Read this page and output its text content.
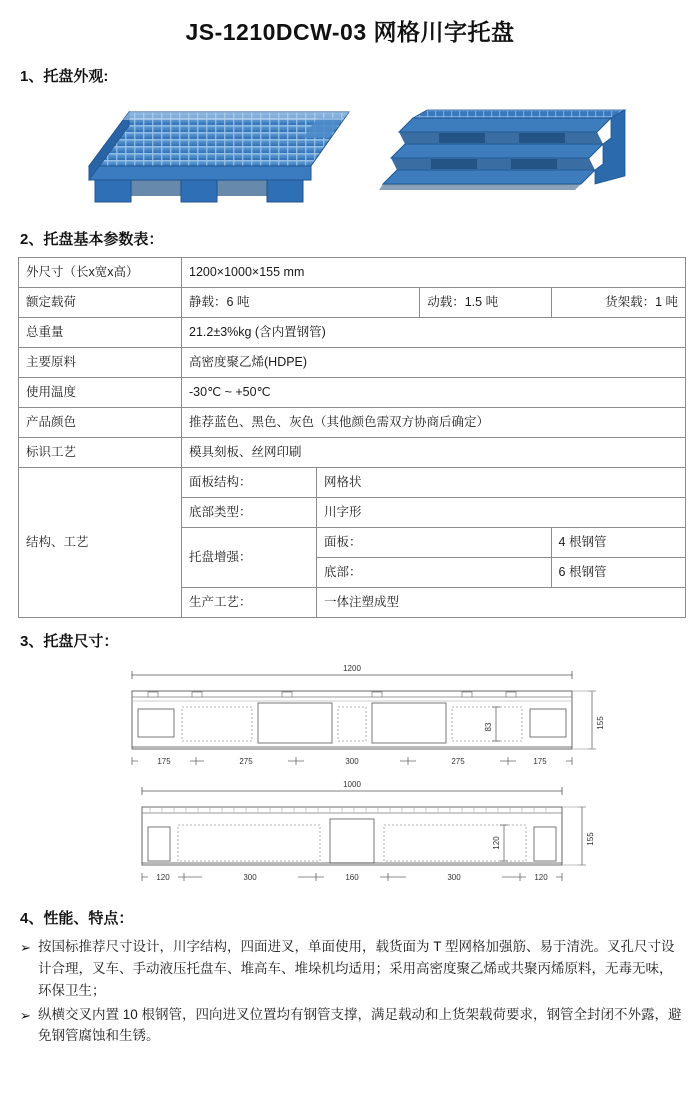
JS-1210DCW-03 网格川字托盘
1、托盘外观:
2、托盘基本参数表：
外尺寸（长x宽x高）	1200×1000×155 mm			
额定载荷	静载：6 吨		动载：1.5 吨	货架载：1 吨
总重量	21.2±3%kg (含内置钢管)			
主要原料	高密度聚乙烯(HDPE)			
使用温度	-30℃ ~ +50℃			
产品颜色	推荐蓝色、黑色、灰色（其他颜色需双方协商后确定）			
标识工艺	模具刻板、丝网印刷			
结构、工艺	面板结构：	网格状		
	底部类型：	川字形		
	托盘增强：	面板：		4 根钢管
		底部：		6 根钢管
	生产工艺：	一体注塑成型		
3、托盘尺寸：
1200
83	155
175	275	300	275	175
1000
120	155
120	300	160	300	120
4、性能、特点：
➢ 按国标推荐尺寸设计，川字结构，四面进叉，单面使用，载货面为 T 型网格加强筋、易于清洗。叉孔尺寸设计合理，叉车、手动液压托盘车、堆高车、堆垛机均适用；采用高密度聚乙烯或共聚丙烯原料，无毒无味，环保卫生；
➢ 纵横交叉内置 10 根钢管，四向进叉位置均有钢管支撑，满足载动和上货架载荷要求，钢管全封闭不外露，避免钢管腐蚀和生锈。
